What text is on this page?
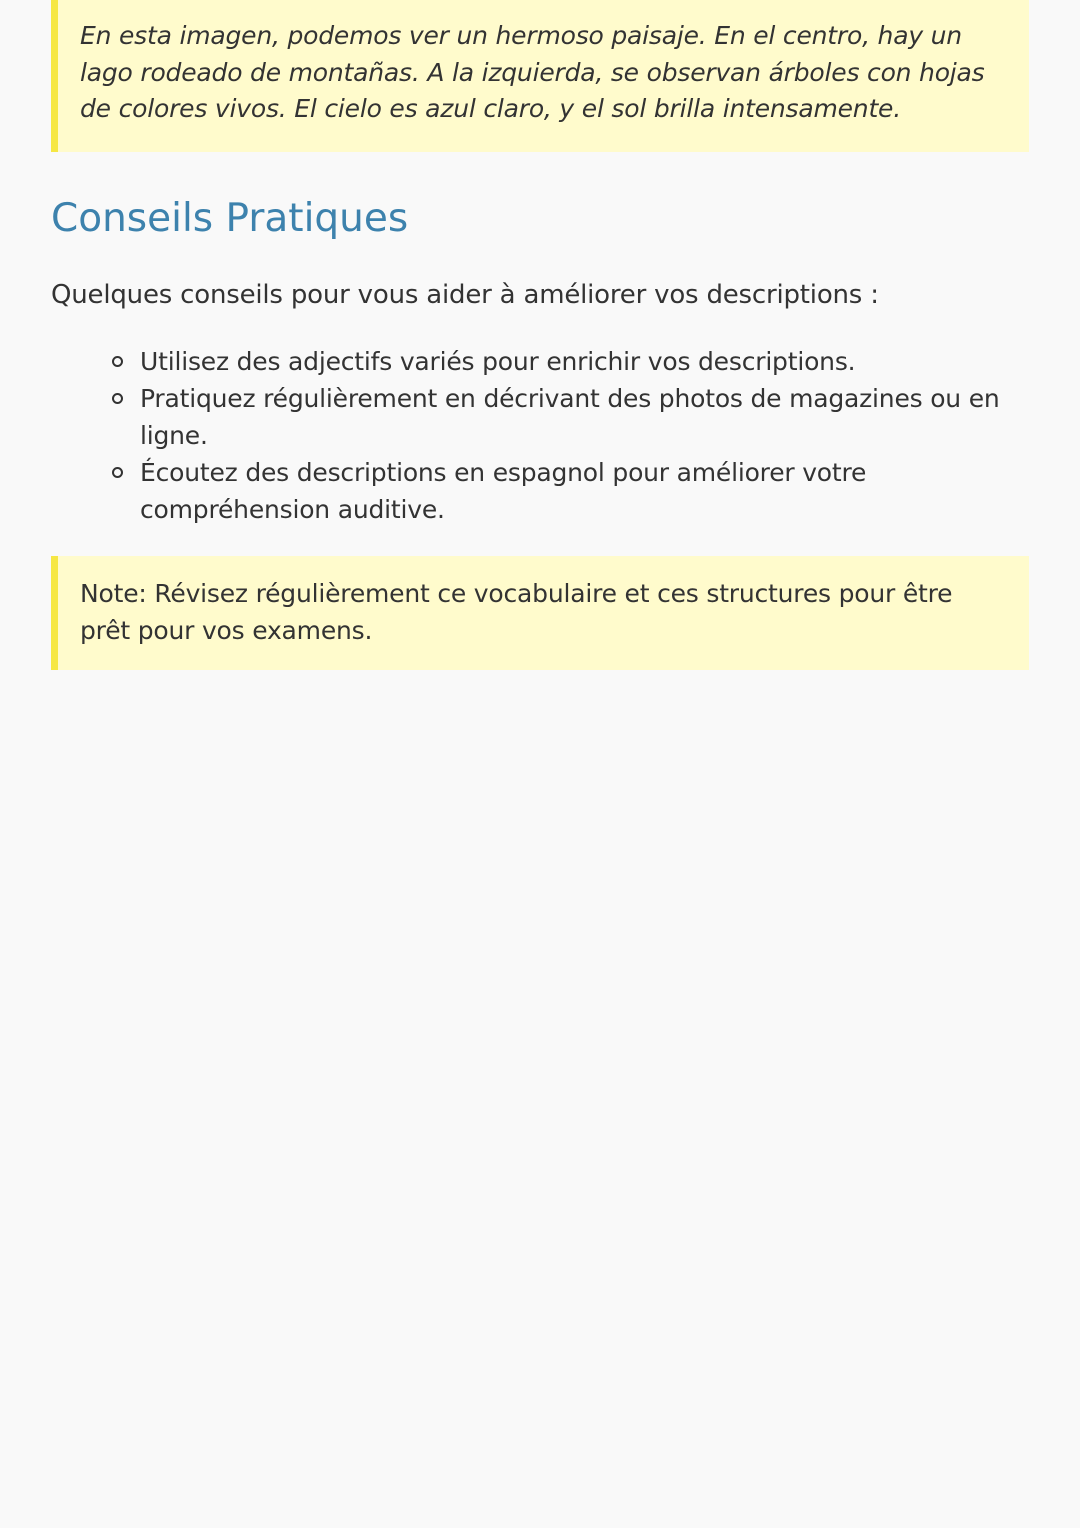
En esta imagen, podemos ver un hermoso paisaje. En el centro, hay un lago rodeado de montañas. A la izquierda, se observan árboles con hojas de colores vivos. El cielo es azul claro, y el sol brilla intensamente.

Conseils Pratiques

Quelques conseils pour vous aider à améliorer vos descriptions :

Utilisez des adjectifs variés pour enrichir vos descriptions.
Pratiquez régulièrement en décrivant des photos de magazines ou en ligne.
Écoutez des descriptions en espagnol pour améliorer votre compréhension auditive.

Note: Révisez régulièrement ce vocabulaire et ces structures pour être prêt pour vos examens.
